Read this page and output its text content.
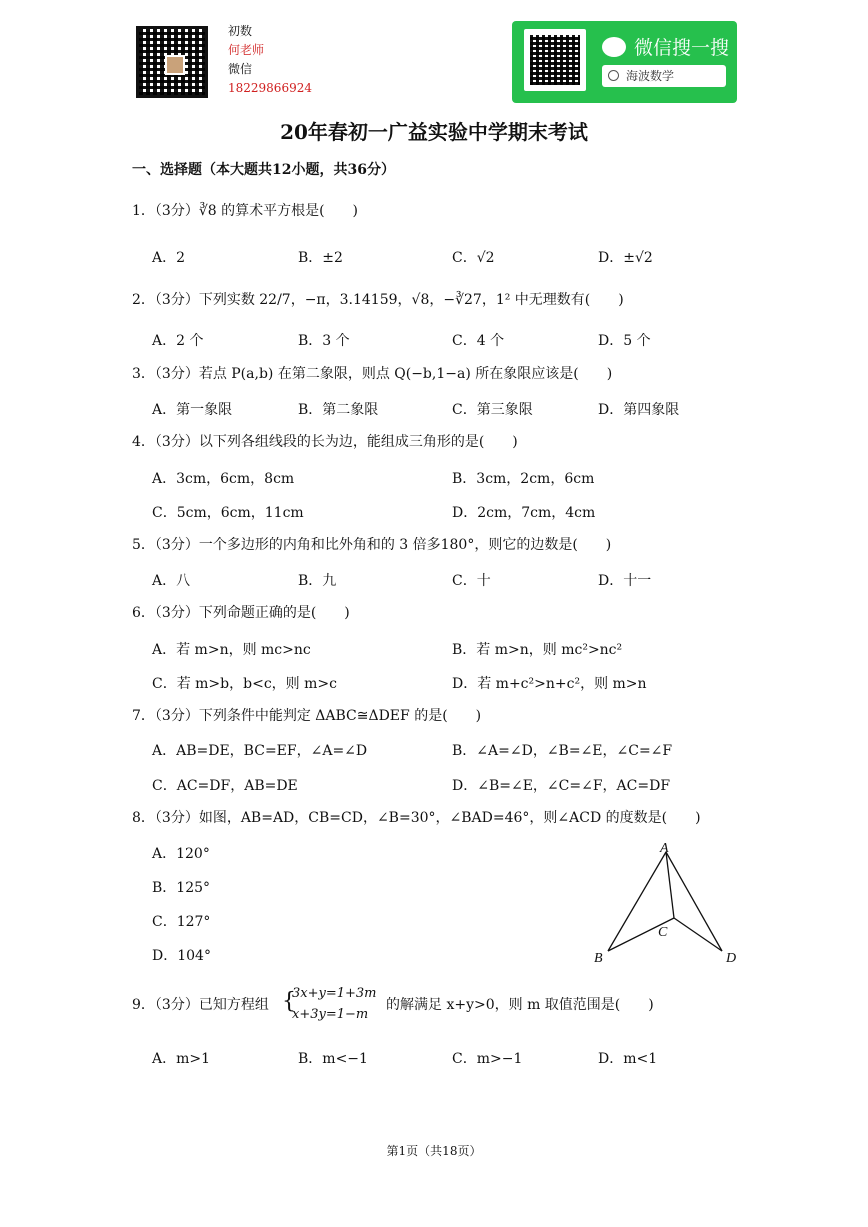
初数
何老师
微信
18229866924
微信搜一搜
海波数学
20年春初一广益实验中学期末考试
一、选择题（本大题共12小题，共36分）
1．（3分）∛8 的算术平方根是(　　)
A．2	B．±2	C．√2	D．±√2
2．（3分）下列实数 22/7，−π，3.14159，√8，−∛27，1² 中无理数有(　　)
A．2 个	B．3 个	C．4 个	D．5 个
3．（3分）若点 P(a,b) 在第二象限，则点 Q(−b,1−a) 所在象限应该是(　　)
A．第一象限	B．第二象限	C．第三象限	D．第四象限
4．（3分）以下列各组线段的长为边，能组成三角形的是(　　)
A．3cm，6cm，8cm	B．3cm，2cm，6cm
C．5cm，6cm，11cm	D．2cm，7cm，4cm
5．（3分）一个多边形的内角和比外角和的 3 倍多180°，则它的边数是(　　)
A．八	B．九	C．十	D．十一
6．（3分）下列命题正确的是(　　)
A．若 m>n，则 mc>nc	B．若 m>n，则 mc²>nc²
C．若 m>b，b<c，则 m>c	D．若 m+c²>n+c²，则 m>n
7．（3分）下列条件中能判定 ΔABC≅ΔDEF 的是(　　)
A．AB=DE，BC=EF，∠A=∠D	B．∠A=∠D，∠B=∠E，∠C=∠F
C．AC=DF，AB=DE	D．∠B=∠E，∠C=∠F，AC=DF
8．（3分）如图，AB=AD，CB=CD，∠B=30°，∠BAD=46°，则∠ACD 的度数是(　　)
A．120°
B．125°
C．127°
D．104°
A
B
C
D
9．（3分）已知方程组 {
3x+y=1+3m
x+3y=1−m
的解满足 x+y>0，则 m 取值范围是(　　)
A．m>1	B．m<−1	C．m>−1	D．m<1
第1页（共18页）
